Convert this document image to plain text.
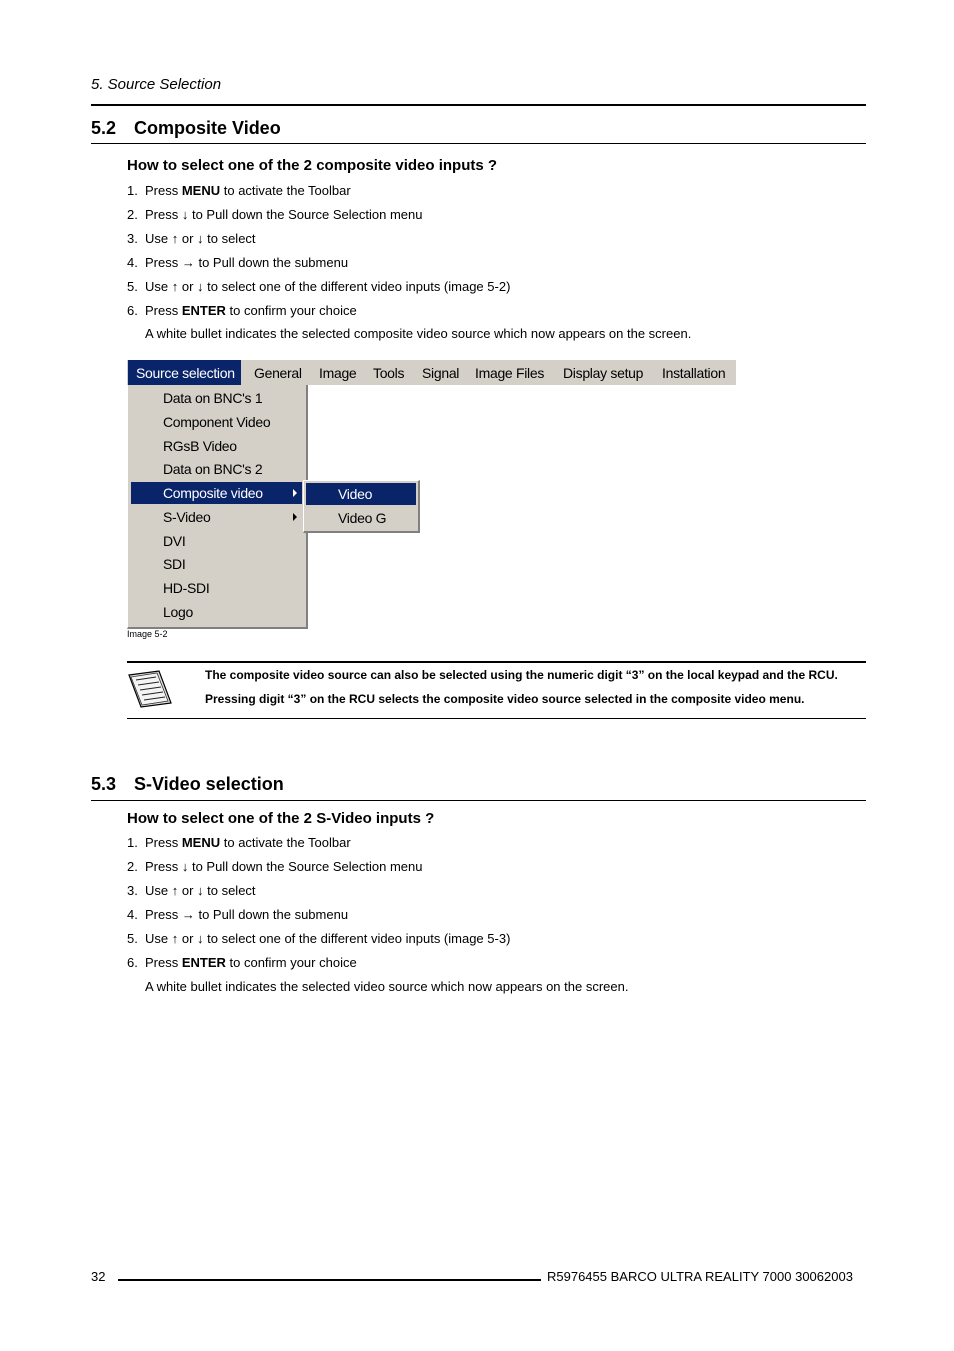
5. Source Selection
5.2 Composite Video
How to select one of the 2 composite video inputs ?
1. Press MENU to activate the Toolbar
2. Press ↓ to Pull down the Source Selection menu
3. Use ↑ or ↓ to select
4. Press → to Pull down the submenu
5. Use ↑ or ↓ to select one of the different video inputs (image 5-2)
6. Press ENTER to confirm your choice
A white bullet indicates the selected composite video source which now appears on the screen.
Source selection	General Image Tools Signal Image Files Display setup Installation
Data on BNC's 1
Component Video
RGsB Video
Data on BNC's 2
Composite video
S-Video
DVI
SDI
HD-SDI
Logo
Video
Video G
Image 5-2
The composite video source can also be selected using the numeric digit “3” on the local keypad and the RCU.
Pressing digit “3” on the RCU selects the composite video source selected in the composite video menu.
5.3 S-Video selection
How to select one of the 2 S-Video inputs ?
1. Press MENU to activate the Toolbar
2. Press ↓ to Pull down the Source Selection menu
3. Use ↑ or ↓ to select
4. Press → to Pull down the submenu
5. Use ↑ or ↓ to select one of the different video inputs (image 5-3)
6. Press ENTER to confirm your choice
A white bullet indicates the selected video source which now appears on the screen.
32	R5976455 BARCO ULTRA REALITY 7000 30062003
